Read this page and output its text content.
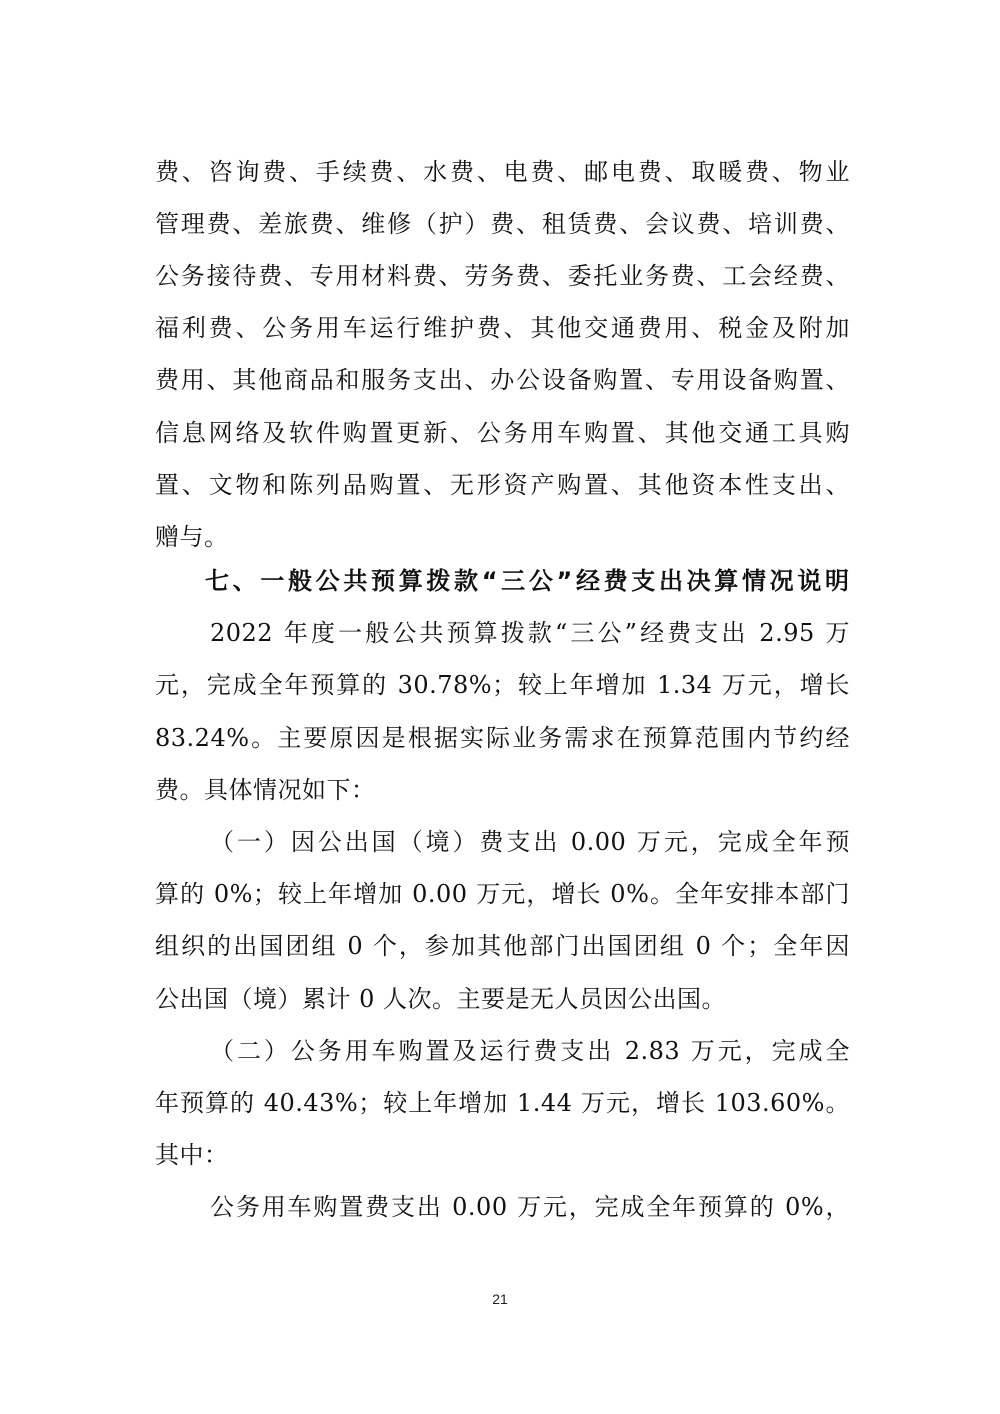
费、咨询费、手续费、水费、电费、邮电费、取暖费、物业
管理费、差旅费、维修（护）费、租赁费、会议费、培训费、
公务接待费、专用材料费、劳务费、委托业务费、工会经费、
福利费、公务用车运行维护费、其他交通费用、税金及附加
费用、其他商品和服务支出、办公设备购置、专用设备购置、
信息网络及软件购置更新、公务用车购置、其他交通工具购
置、文物和陈列品购置、无形资产购置、其他资本性支出、
赠与。
七、一般公共预算拨款“三公”经费支出决算情况说明
2022 年度一般公共预算拨款“三公”经费支出 2.95 万
元，完成全年预算的 30.78%；较上年增加 1.34 万元，增长
83.24%。主要原因是根据实际业务需求在预算范围内节约经
费。具体情况如下：
（一）因公出国（境）费支出 0.00 万元，完成全年预
算的 0%；较上年增加 0.00 万元，增长 0%。全年安排本部门
组织的出国团组 0 个，参加其他部门出国团组 0 个；全年因
公出国（境）累计 0 人次。主要是无人员因公出国。
（二）公务用车购置及运行费支出 2.83 万元，完成全
年预算的 40.43%；较上年增加 1.44 万元，增长 103.60%。
其中：
公务用车购置费支出 0.00 万元，完成全年预算的 0%，
21
